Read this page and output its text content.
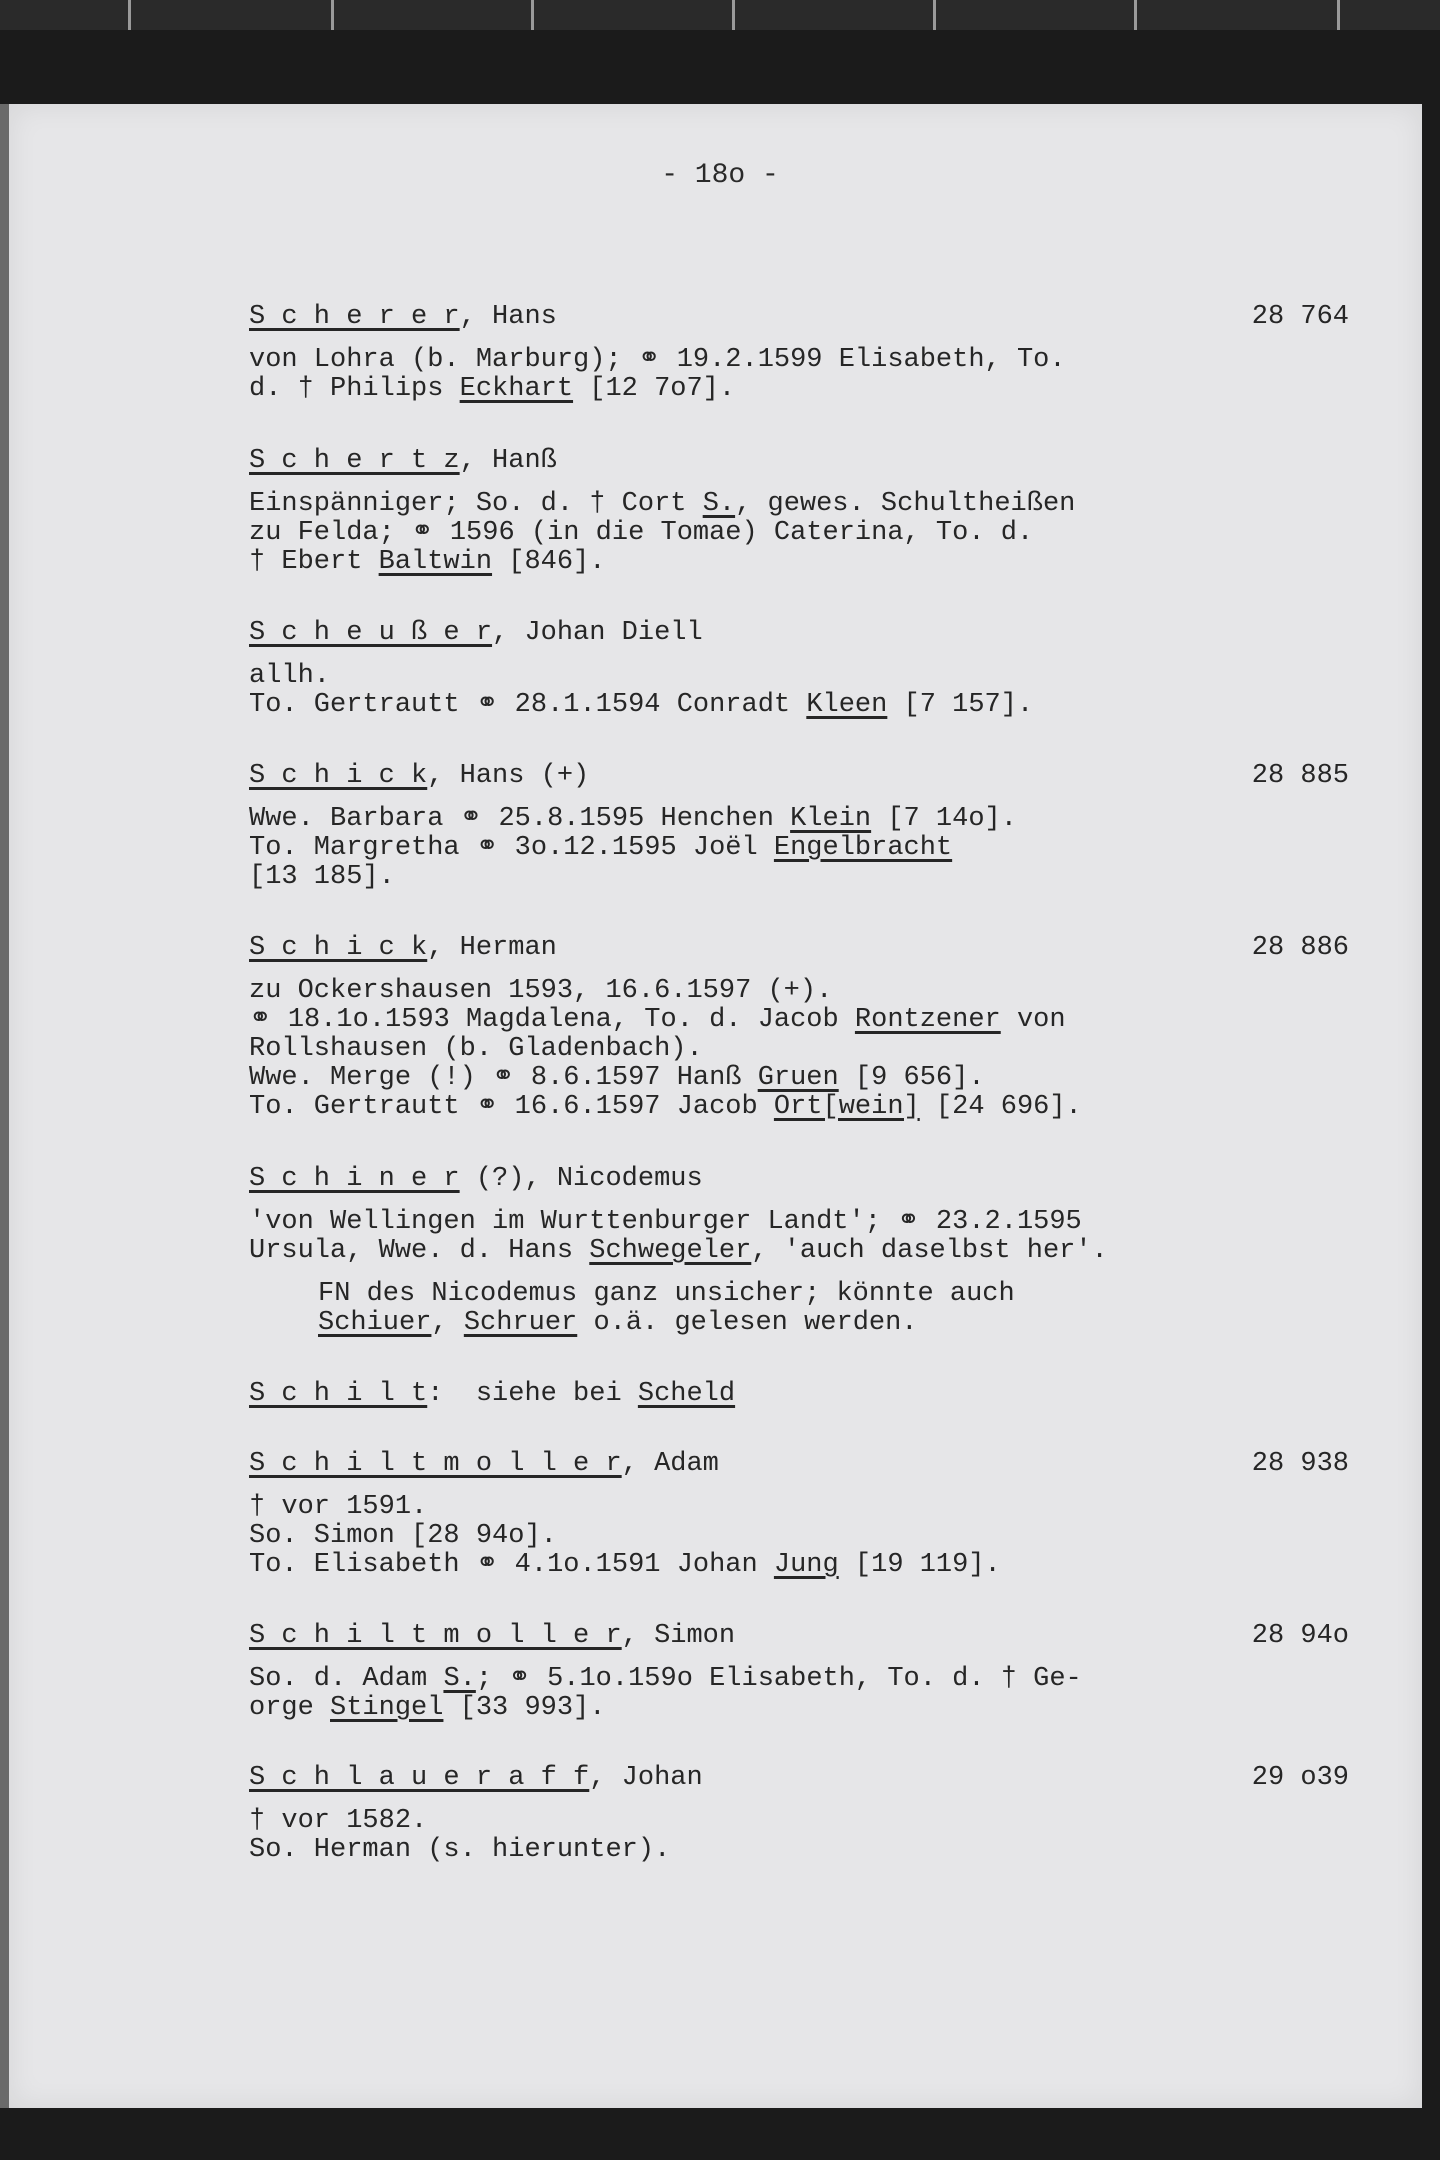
- 18o -
S c h e r e r, Hans	28 764
von Lohra (b. Marburg); ⚭ 19.2.1599 Elisabeth, To.
d. † Philips Eckhart [12 7o7].
S c h e r t z, Hanß
Einspänniger; So. d. † Cort S., gewes. Schultheißen
zu Felda; ⚭ 1596 (in die Tomae) Caterina, To. d.
† Ebert Baltwin [846].
S c h e u ß e r, Johan Diell
allh.
To. Gertrautt ⚭ 28.1.1594 Conradt Kleen [7 157].
S c h i c k, Hans (+)	28 885
Wwe. Barbara ⚭ 25.8.1595 Henchen Klein [7 14o].
To. Margretha ⚭ 3o.12.1595 Joël Engelbracht
[13 185].
S c h i c k, Herman	28 886
zu Ockershausen 1593, 16.6.1597 (+).
⚭ 18.1o.1593 Magdalena, To. d. Jacob Rontzener von
Rollshausen (b. Gladenbach).
Wwe. Merge (!) ⚭ 8.6.1597 Hanß Gruen [9 656].
To. Gertrautt ⚭ 16.6.1597 Jacob Ort[wein] [24 696].
S c h i n e r (?), Nicodemus
'von Wellingen im Wurttenburger Landt'; ⚭ 23.2.1595
Ursula, Wwe. d. Hans Schwegeler, 'auch daselbst her'.
FN des Nicodemus ganz unsicher; könnte auch
Schiuer, Schruer o.ä. gelesen werden.
S c h i l t:  siehe bei Scheld
S c h i l t m o l l e r, Adam	28 938
† vor 1591.
So. Simon [28 94o].
To. Elisabeth ⚭ 4.1o.1591 Johan Jung [19 119].
S c h i l t m o l l e r, Simon	28 94o
So. d. Adam S.; ⚭ 5.1o.159o Elisabeth, To. d. † Ge-
orge Stingel [33 993].
S c h l a u e r a f f, Johan	29 o39
† vor 1582.
So. Herman (s. hierunter).
